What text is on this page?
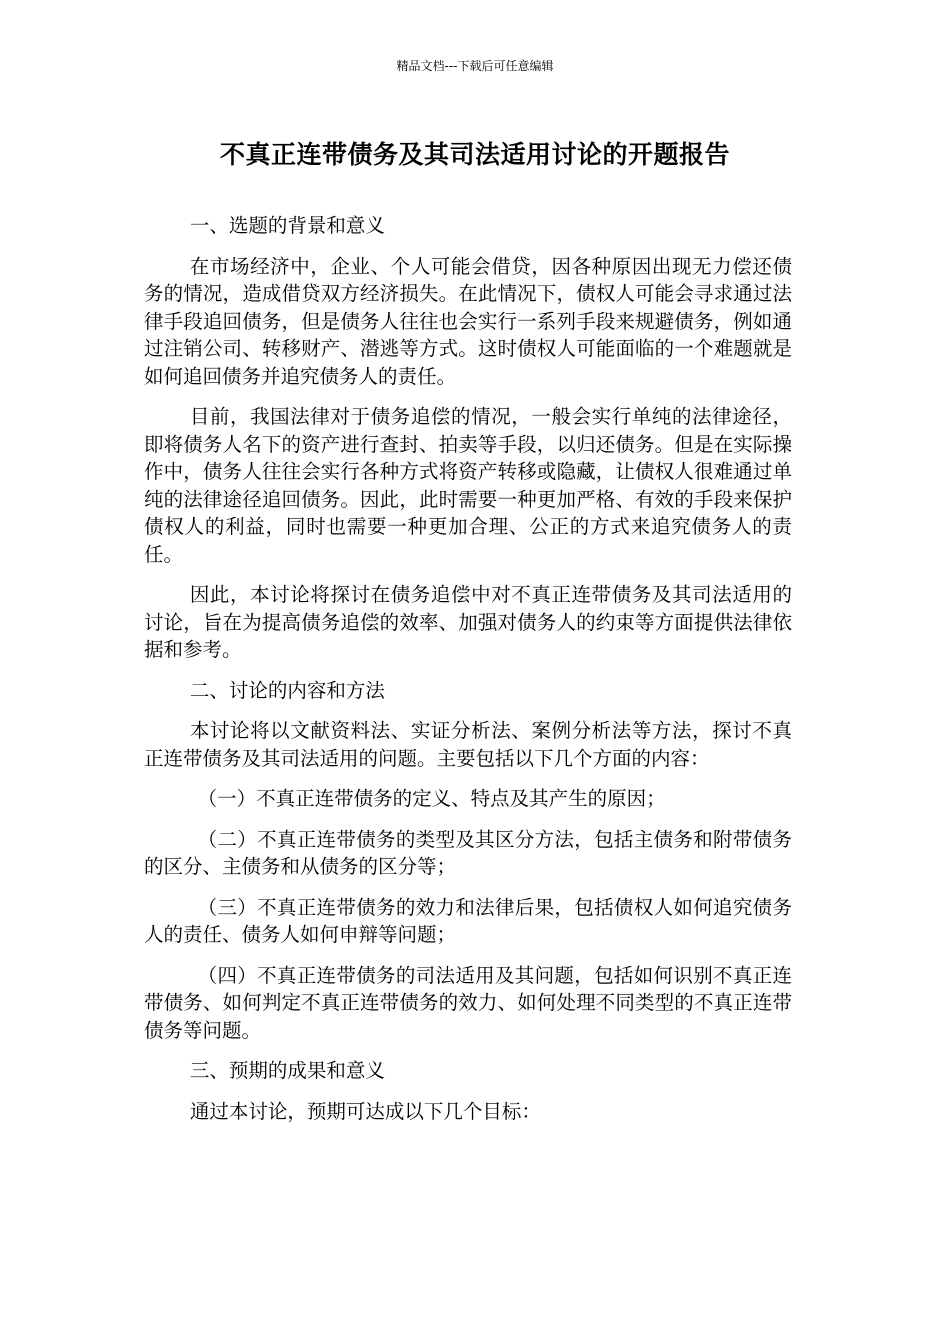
精品文档---下载后可任意编辑
不真正连带债务及其司法适用讨论的开题报告

一、选题的背景和意义

在市场经济中，企业、个人可能会借贷，因各种原因出现无力偿还债务的情况，造成借贷双方经济损失。在此情况下，债权人可能会寻求通过法律手段追回债务，但是债务人往往也会实行一系列手段来规避债务，例如通过注销公司、转移财产、潜逃等方式。这时债权人可能面临的一个难题就是如何追回债务并追究债务人的责任。

目前，我国法律对于债务追偿的情况，一般会实行单纯的法律途径，即将债务人名下的资产进行查封、拍卖等手段，以归还债务。但是在实际操作中，债务人往往会实行各种方式将资产转移或隐藏，让债权人很难通过单纯的法律途径追回债务。因此，此时需要一种更加严格、有效的手段来保护债权人的利益，同时也需要一种更加合理、公正的方式来追究债务人的责任。

因此，本讨论将探讨在债务追偿中对不真正连带债务及其司法适用的讨论，旨在为提高债务追偿的效率、加强对债务人的约束等方面提供法律依据和参考。

二、讨论的内容和方法

本讨论将以文献资料法、实证分析法、案例分析法等方法，探讨不真正连带债务及其司法适用的问题。主要包括以下几个方面的内容：

（一）不真正连带债务的定义、特点及其产生的原因；

（二）不真正连带债务的类型及其区分方法，包括主债务和附带债务的区分、主债务和从债务的区分等；

（三）不真正连带债务的效力和法律后果，包括债权人如何追究债务人的责任、债务人如何申辩等问题；

（四）不真正连带债务的司法适用及其问题，包括如何识别不真正连带债务、如何判定不真正连带债务的效力、如何处理不同类型的不真正连带债务等问题。

三、预期的成果和意义

通过本讨论，预期可达成以下几个目标：
